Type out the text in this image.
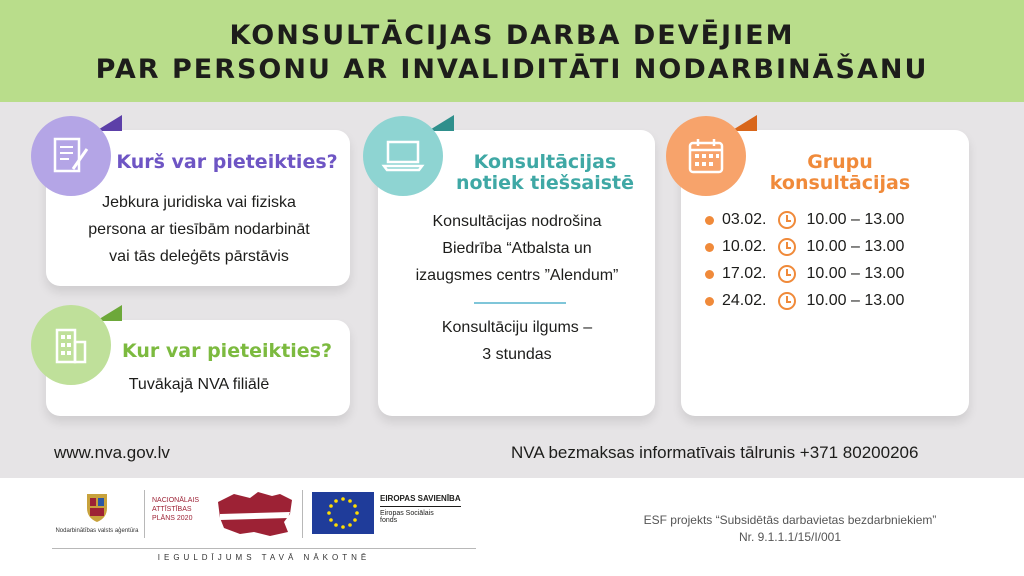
KONSULTĀCIJAS DARBA DEVĒJIEM
PAR PERSONU AR INVALIDITĀTI NODARBINĀŠANU
Kurš var pieteikties?
Jebkura juridiska vai fiziska
persona ar tiesībām nodarbināt
vai tās deleģēts pārstāvis
Kur var pieteikties?
Tuvākajā NVA filiālē
Konsultācijas
notiek tiešsaistē
Konsultācijas nodrošina
Biedrība “Atbalsta un
izaugsmes centrs ”Alendum”
Konsultāciju ilgums –
3 stundas
Grupu
konsultācijas
03.02.	10.00 – 13.00
10.02.	10.00 – 13.00
17.02.	10.00 – 13.00
24.02.	10.00 – 13.00
www.nva.gov.lv	NVA bezmaksas informatīvais tālrunis +371 80200206
Nodarbinātības valsts aģentūra
NACIONĀLAIS
ATTĪSTĪBAS
PLĀNS 2020
EIROPAS SAVIENĪBA
Eiropas Sociālais
fonds
IEGULDĪJUMS TAVĀ NĀKOTNĒ
ESF projekts “Subsidētās darbavietas bezdarbniekiem”
Nr. 9.1.1.1/15/I/001
